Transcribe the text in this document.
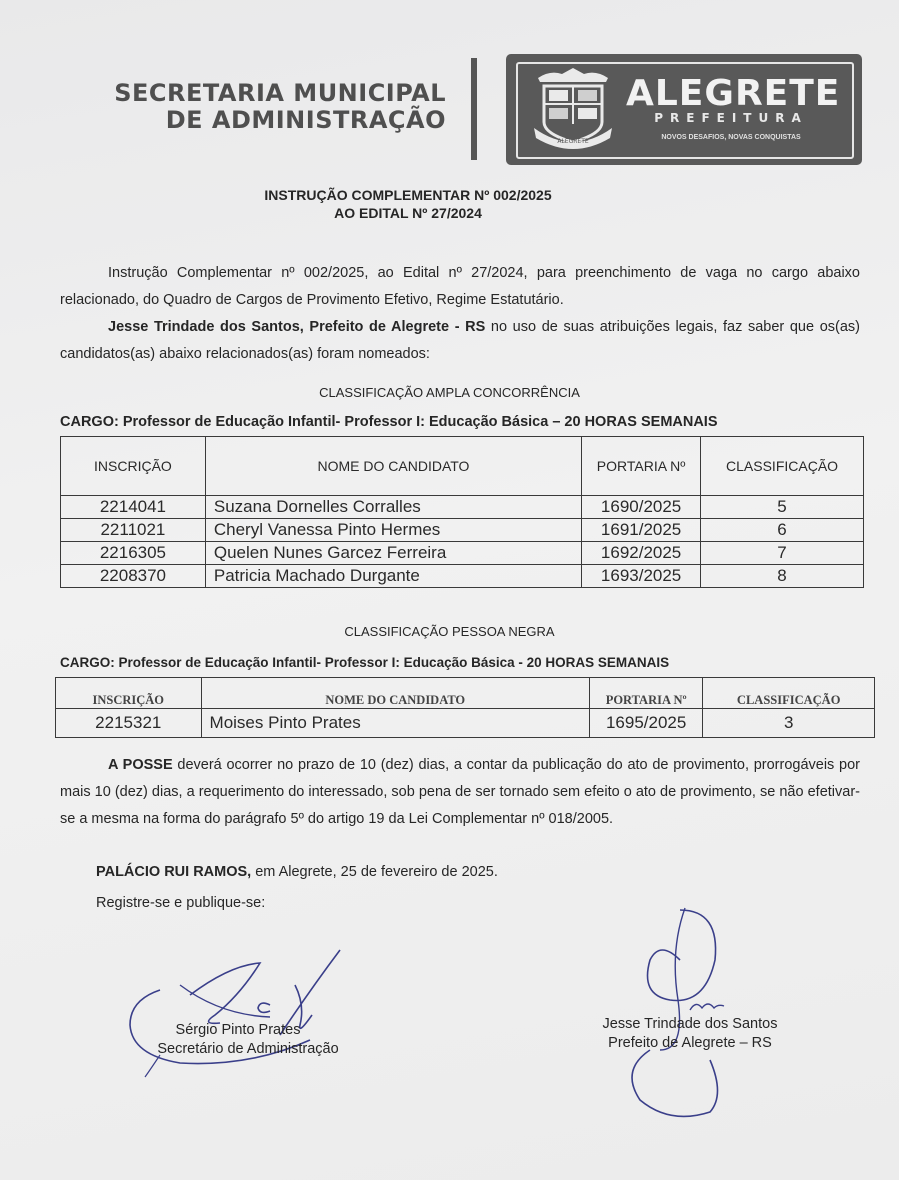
SECRETARIA MUNICIPAL
DE ADMINISTRAÇÃO
ALEGRETE
ALEGRETE
PREFEITURA
NOVOS DESAFIOS, NOVAS CONQUISTAS
INSTRUÇÃO COMPLEMENTAR Nº 002/2025
AO EDITAL Nº 27/2024
Instrução Complementar nº 002/2025, ao Edital nº 27/2024, para preenchimento de vaga no cargo abaixo relacionado, do Quadro de Cargos de Provimento Efetivo, Regime Estatutário.
Jesse Trindade dos Santos, Prefeito de Alegrete - RS no uso de suas atribuições legais, faz saber que os(as) candidatos(as) abaixo relacionados(as) foram nomeados:
CLASSIFICAÇÃO AMPLA CONCORRÊNCIA
CARGO: Professor de Educação Infantil- Professor I: Educação Básica – 20 HORAS SEMANAIS
INSCRIÇÃO	NOME DO CANDIDATO	PORTARIA Nº	CLASSIFICAÇÃO
2214041	Suzana Dornelles Corralles	1690/2025	5
2211021	Cheryl Vanessa Pinto Hermes	1691/2025	6
2216305	Quelen Nunes Garcez Ferreira	1692/2025	7
2208370	Patricia Machado Durgante	1693/2025	8
CLASSIFICAÇÃO PESSOA NEGRA
CARGO: Professor de Educação Infantil- Professor I: Educação Básica - 20 HORAS SEMANAIS
INSCRIÇÃO	NOME DO CANDIDATO	PORTARIA Nº	CLASSIFICAÇÃO
2215321	Moises Pinto Prates	1695/2025	3
A POSSE deverá ocorrer no prazo de 10 (dez) dias, a contar da publicação do ato de provimento, prorrogáveis por mais 10 (dez) dias, a requerimento do interessado, sob pena de ser tornado sem efeito o ato de provimento, se não efetivar-se a mesma na forma do parágrafo 5º do artigo 19 da Lei Complementar nº 018/2005.
PALÁCIO RUI RAMOS, em Alegrete, 25 de fevereiro de 2025.
Registre-se e publique-se:
Sérgio Pinto Prates
Secretário de Administração
Jesse Trindade dos Santos
Prefeito de Alegrete – RS
